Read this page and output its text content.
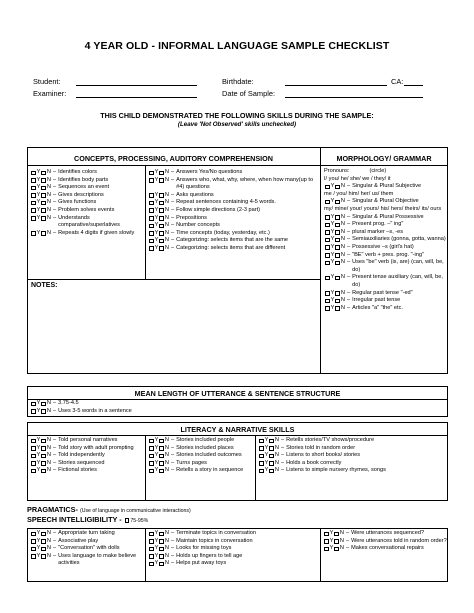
4 YEAR OLD - INFORMAL LANGUAGE SAMPLE CHECKLIST
Student:
Examiner:
Birthdate:	CA:
Date of Sample:
THIS CHILD DEMONSTRATED THE FOLLOWING SKILLS DURING THE SAMPLE:
(Leave 'Not Observed' skills unchecked)
CONCEPTS, PROCESSING, AUDITORY COMPREHENSION	MORPHOLOGY/ GRAMMAR
Y N – Identifies colors
Y N – Identifies body parts
Y N – Sequences an event
Y N – Gives descriptions
Y N – Gives functions
Y N – Problem solves events
Y N – Understands comparative/superlatives
Y N – Repeats 4 digits if given slowly
Y N – Answers Yes/No questions
Y N – Answers who, what, why, where, when how many(up to #4) questions
Y N – Asks questions
Y N – Repeat sentences containing 4-5 words.
Y N – Follow simple directions (2-3 part)
Y N – Prepositions
Y N – Number concepts
Y N – Time concepts (today, yesterday, etc.)
Y N – Categorizing: selects items that are the same
Y N – Categorizing: selects items that are different
NOTES:
Pronouns:	(circle)
I/ you/ he/ she/ we / they/ it
Y N – Singular & Plural Subjective
me / you/ him/ her/ us/ them
Y N – Singular & Plural Objective
my/ mine/ your/ yours/ his/ hers/ theirs/ its/ ours
Y N – Singular & Plural Possessive
Y N – Present prog. –" ing"
Y N – plural marker –s, -es
Y N – Semiauxiliaries (gonna, gotta, wanna)
Y N – Possessive –s (girl's hat)
Y N – "BE" verb + pres. prog. "-ing"
Y N – Uses "be" verb (is, are) (can, will, be, do)
Y N – Present tense auxiliary (can, will, be, do)
Y N – Regular past tense "-ed"
Y N – Irregular past tense
Y N – Articles "a" "the" etc.
MEAN LENGTH OF UTTERANCE & SENTENCE STRUCTURE
Y N – 3.75-4.5
Y N – Uses 3-5 words in a sentence
LITERACY & NARRATIVE SKILLS
Y N – Told personal narratives
Y N – Told story with adult prompting
Y N – Told independently
Y N – Stories sequenced
Y N – Fictional stories
Y N – Stories included people
Y N – Stories included places
Y N – Stories included outcomes
Y N – Turns pages
Y N – Retells a story in sequence
Y N – Retells stories/TV shows/procedure
Y N – Stories told in random order
Y N – Listens to short books/ stories
Y N – Holds a book correctly
Y N – Listens to simple nursery rhymes, songs
PRAGMATICS- (Use of language in communicative interactions)
SPEECH INTELLIGIBILITY - 75-95%
Y N – Appropriate turn taking
Y N – Associative play
Y N – "Conversation" with dolls
Y N – Uses language to make believe activities
Y N – Terminate topics in conversation
Y N – Maintain topics in conversation
Y N – Looks for missing toys
Y N – Holds up fingers to tell age
Y N – Helps put away toys
Y N – Were utterances sequenced?
Y N – Were utterances told in random order?
Y N – Makes conversational repairs
